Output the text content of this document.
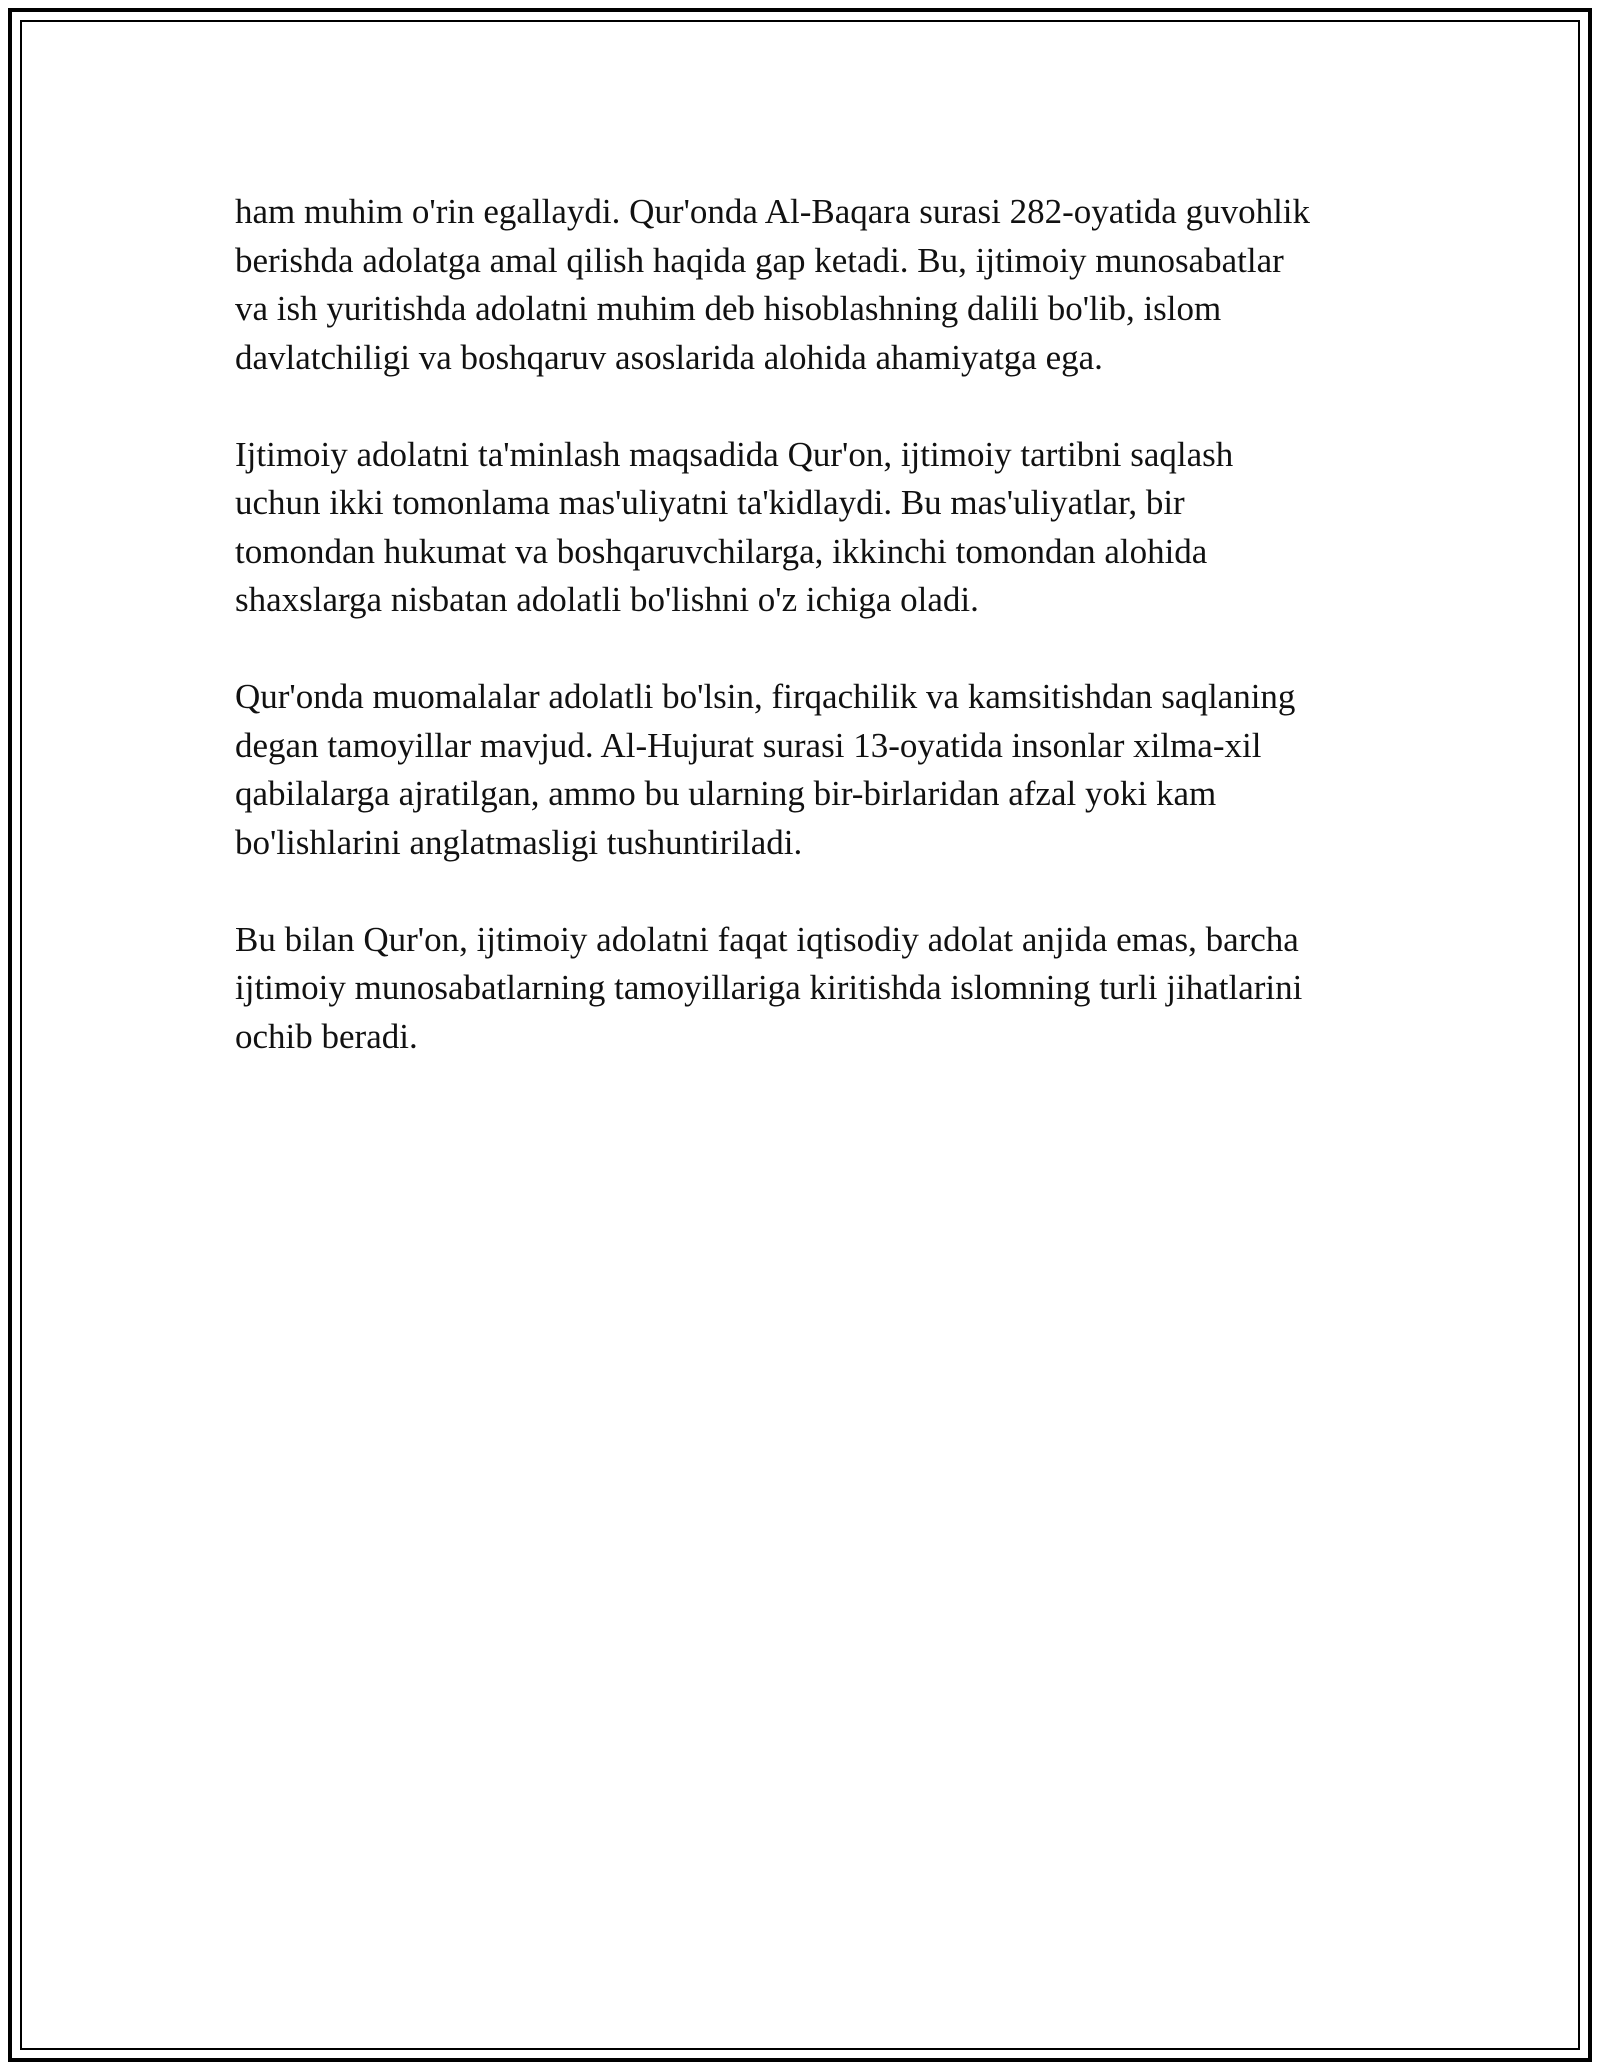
ham muhim o'rin egallaydi. Qur'onda Al-Baqara surasi 282-oyatida guvohlik
berishda adolatga amal qilish haqida gap ketadi. Bu, ijtimoiy munosabatlar
va ish yuritishda adolatni muhim deb hisoblashning dalili bo'lib, islom
davlatchiligi va boshqaruv asoslarida alohida ahamiyatga ega.

Ijtimoiy adolatni ta'minlash maqsadida Qur'on, ijtimoiy tartibni saqlash
uchun ikki tomonlama mas'uliyatni ta'kidlaydi. Bu mas'uliyatlar, bir
tomondan hukumat va boshqaruvchilarga, ikkinchi tomondan alohida
shaxslarga nisbatan adolatli bo'lishni o'z ichiga oladi.

Qur'onda muomalalar adolatli bo'lsin, firqachilik va kamsitishdan saqlaning
degan tamoyillar mavjud. Al-Hujurat surasi 13-oyatida insonlar xilma-xil
qabilalarga ajratilgan, ammo bu ularning bir-birlaridan afzal yoki kam
bo'lishlarini anglatmasligi tushuntiriladi.

Bu bilan Qur'on, ijtimoiy adolatni faqat iqtisodiy adolat anjida emas, barcha
ijtimoiy munosabatlarning tamoyillariga kiritishda islomning turli jihatlarini
ochib beradi.
